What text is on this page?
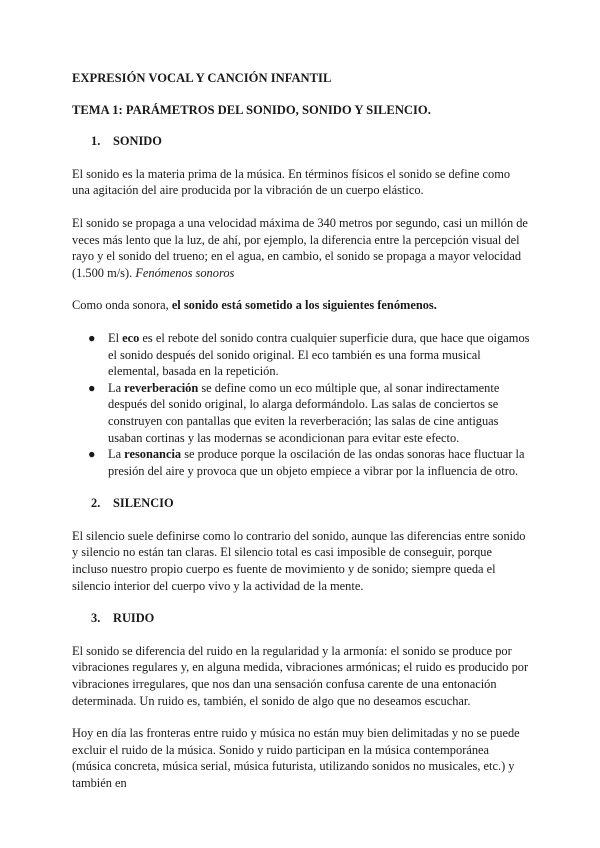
EXPRESIÓN VOCAL Y CANCIÓN INFANTIL
TEMA 1: PARÁMETROS DEL SONIDO, SONIDO Y SILENCIO.
1.	SONIDO

El sonido es la materia prima de la música. En términos físicos el sonido se define como una agitación del aire producida por la vibración de un cuerpo elástico.

El sonido se propaga a una velocidad máxima de 340 metros por segundo, casi un millón de veces más lento que la luz, de ahí, por ejemplo, la diferencia entre la percepción visual del rayo y el sonido del trueno; en el agua, en cambio, el sonido se propaga a mayor velocidad (1.500 m/s). Fenómenos sonoros

Como onda sonora, el sonido está sometido a los siguientes fenómenos.

● El eco es el rebote del sonido contra cualquier superficie dura, que hace que oigamos el sonido después del sonido original. El eco también es una forma musical elemental, basada en la repetición.
● La reverberación se define como un eco múltiple que, al sonar indirectamente después del sonido original, lo alarga deformándolo. Las salas de conciertos se construyen con pantallas que eviten la reverberación; las salas de cine antiguas usaban cortinas y las modernas se acondicionan para evitar este efecto.
● La resonancia se produce porque la oscilación de las ondas sonoras hace fluctuar la presión del aire y provoca que un objeto empiece a vibrar por la influencia de otro.
2.	SILENCIO

El silencio suele definirse como lo contrario del sonido, aunque las diferencias entre sonido y silencio no están tan claras. El silencio total es casi imposible de conseguir, porque incluso nuestro propio cuerpo es fuente de movimiento y de sonido; siempre queda el silencio interior del cuerpo vivo y la actividad de la mente.

3.	RUIDO

El sonido se diferencia del ruido en la regularidad y la armonía: el sonido se produce por vibraciones regulares y, en alguna medida, vibraciones armónicas; el ruido es producido por vibraciones irregulares, que nos dan una sensación confusa carente de una entonación determinada. Un ruido es, también, el sonido de algo que no deseamos escuchar.

Hoy en día las fronteras entre ruido y música no están muy bien delimitadas y no se puede excluir el ruido de la música. Sonido y ruido participan en la música contemporánea (música concreta, música serial, música futurista, utilizando sonidos no musicales, etc.) y también en
